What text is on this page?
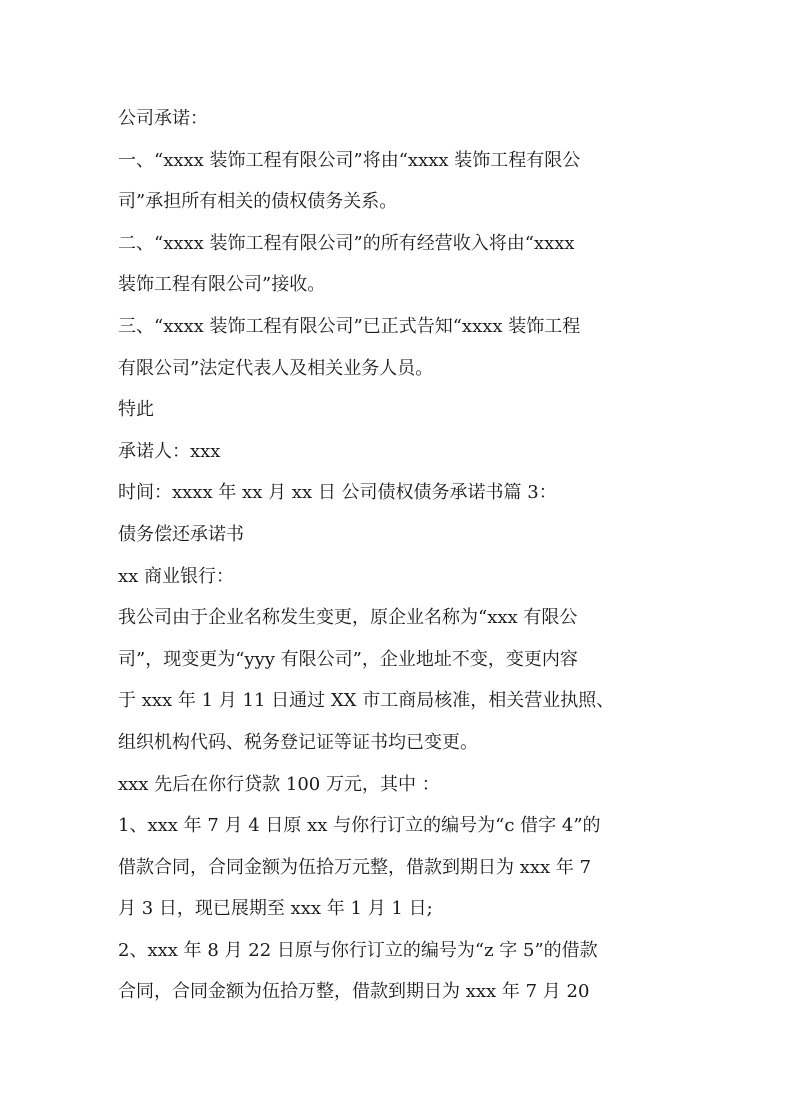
公司承诺：
一、“xxxx 装饰工程有限公司”将由“xxxx 装饰工程有限公
司”承担所有相关的债权债务关系。
二、“xxxx 装饰工程有限公司”的所有经营收入将由“xxxx
装饰工程有限公司”接收。
三、“xxxx 装饰工程有限公司”已正式告知“xxxx 装饰工程
有限公司”法定代表人及相关业务人员。
特此
承诺人：xxx
时间：xxxx 年 xx 月 xx 日 公司债权债务承诺书篇 3：
债务偿还承诺书
xx 商业银行：
我公司由于企业名称发生变更，原企业名称为“xxx 有限公
司”，现变更为“yyy 有限公司”，企业地址不变，变更内容
于 xxx 年 1 月 11 日通过 XX 市工商局核准，相关营业执照、
组织机构代码、税务登记证等证书均已变更。
xxx 先后在你行贷款 100 万元，其中 ：
1、xxx 年 7 月 4 日原 xx 与你行订立的编号为“c 借字 4”的
借款合同，合同金额为伍拾万元整，借款到期日为 xxx 年 7
月 3 日，现已展期至 xxx 年 1 月 1 日;
2、xxx 年 8 月 22 日原与你行订立的编号为“z 字 5”的借款
合同，合同金额为伍拾万整，借款到期日为 xxx 年 7 月 20
